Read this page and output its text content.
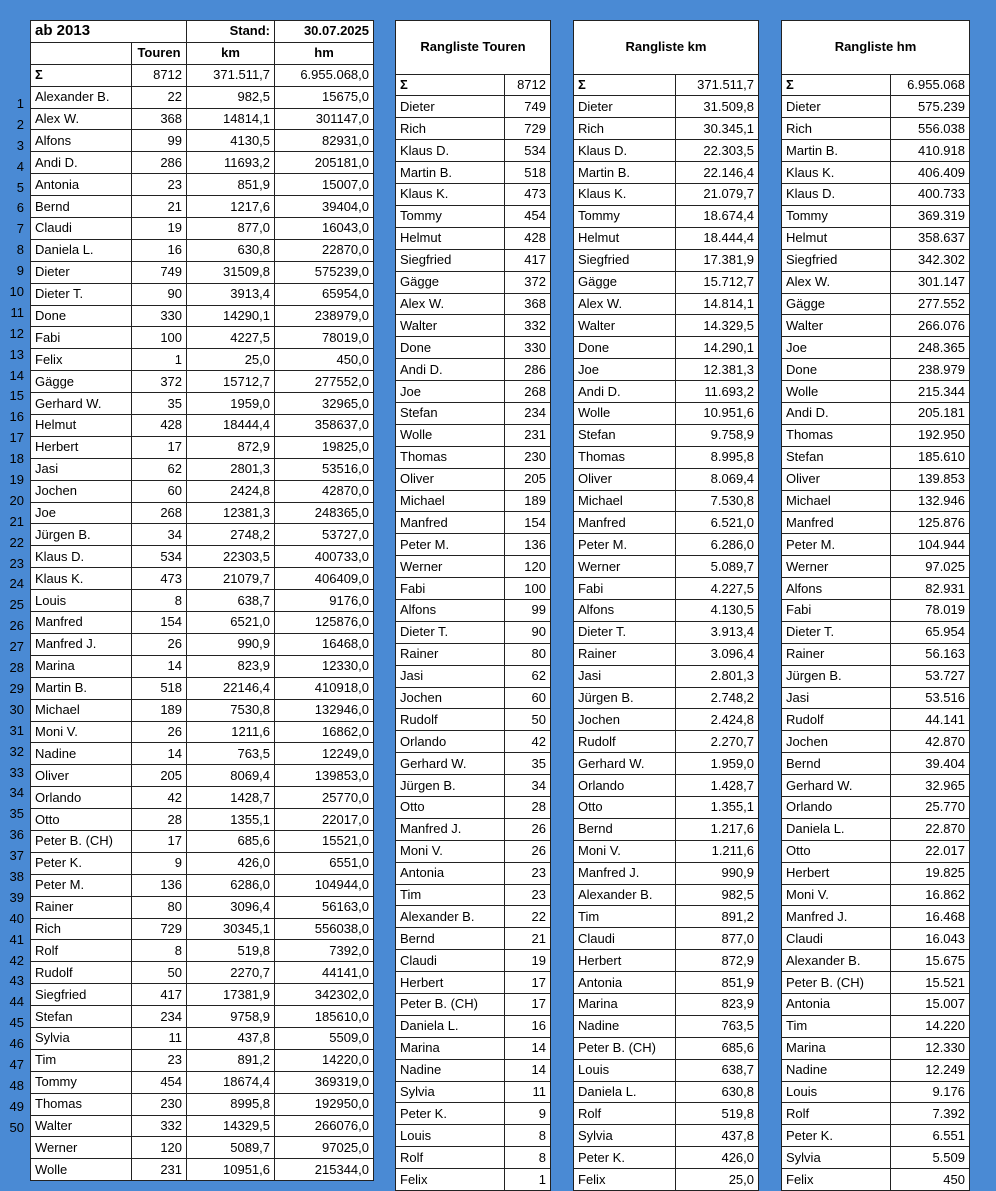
1
2
3
4
5
6
7
8
9
10
11
12
13
14
15
16
17
18
19
20
21
22
23
24
25
26
27
28
29
30
31
32
33
34
35
36
37
38
39
40
41
42
43
44
45
46
47
48
49
50
ab 2013		Stand:	30.07.2025
	Touren	km	hm
Σ	8712	371.511,7	6.955.068,0
Alexander B.	22	982,5	15675,0
Alex W.	368	14814,1	301147,0
Alfons	99	4130,5	82931,0
Andi D.	286	11693,2	205181,0
Antonia	23	851,9	15007,0
Bernd	21	1217,6	39404,0
Claudi	19	877,0	16043,0
Daniela L.	16	630,8	22870,0
Dieter	749	31509,8	575239,0
Dieter T.	90	3913,4	65954,0
Done	330	14290,1	238979,0
Fabi	100	4227,5	78019,0
Felix	1	25,0	450,0
Gägge	372	15712,7	277552,0
Gerhard W.	35	1959,0	32965,0
Helmut	428	18444,4	358637,0
Herbert	17	872,9	19825,0
Jasi	62	2801,3	53516,0
Jochen	60	2424,8	42870,0
Joe	268	12381,3	248365,0
Jürgen B.	34	2748,2	53727,0
Klaus D.	534	22303,5	400733,0
Klaus K.	473	21079,7	406409,0
Louis	8	638,7	9176,0
Manfred	154	6521,0	125876,0
Manfred J.	26	990,9	16468,0
Marina	14	823,9	12330,0
Martin B.	518	22146,4	410918,0
Michael	189	7530,8	132946,0
Moni V.	26	1211,6	16862,0
Nadine	14	763,5	12249,0
Oliver	205	8069,4	139853,0
Orlando	42	1428,7	25770,0
Otto	28	1355,1	22017,0
Peter B. (CH)	17	685,6	15521,0
Peter K.	9	426,0	6551,0
Peter M.	136	6286,0	104944,0
Rainer	80	3096,4	56163,0
Rich	729	30345,1	556038,0
Rolf	8	519,8	7392,0
Rudolf	50	2270,7	44141,0
Siegfried	417	17381,9	342302,0
Stefan	234	9758,9	185610,0
Sylvia	11	437,8	5509,0
Tim	23	891,2	14220,0
Tommy	454	18674,4	369319,0
Thomas	230	8995,8	192950,0
Walter	332	14329,5	266076,0
Werner	120	5089,7	97025,0
Wolle	231	10951,6	215344,0
Rangliste Touren	
Σ	8712
Dieter	749
Rich	729
Klaus D.	534
Martin B.	518
Klaus K.	473
Tommy	454
Helmut	428
Siegfried	417
Gägge	372
Alex W.	368
Walter	332
Done	330
Andi D.	286
Joe	268
Stefan	234
Wolle	231
Thomas	230
Oliver	205
Michael	189
Manfred	154
Peter M.	136
Werner	120
Fabi	100
Alfons	99
Dieter T.	90
Rainer	80
Jasi	62
Jochen	60
Rudolf	50
Orlando	42
Gerhard W.	35
Jürgen B.	34
Otto	28
Manfred J.	26
Moni V.	26
Antonia	23
Tim	23
Alexander B.	22
Bernd	21
Claudi	19
Herbert	17
Peter B. (CH)	17
Daniela L.	16
Marina	14
Nadine	14
Sylvia	11
Peter K.	9
Louis	8
Rolf	8
Felix	1
Rangliste km	
Σ	371.511,7
Dieter	31.509,8
Rich	30.345,1
Klaus D.	22.303,5
Martin B.	22.146,4
Klaus K.	21.079,7
Tommy	18.674,4
Helmut	18.444,4
Siegfried	17.381,9
Gägge	15.712,7
Alex W.	14.814,1
Walter	14.329,5
Done	14.290,1
Joe	12.381,3
Andi D.	11.693,2
Wolle	10.951,6
Stefan	9.758,9
Thomas	8.995,8
Oliver	8.069,4
Michael	7.530,8
Manfred	6.521,0
Peter M.	6.286,0
Werner	5.089,7
Fabi	4.227,5
Alfons	4.130,5
Dieter T.	3.913,4
Rainer	3.096,4
Jasi	2.801,3
Jürgen B.	2.748,2
Jochen	2.424,8
Rudolf	2.270,7
Gerhard W.	1.959,0
Orlando	1.428,7
Otto	1.355,1
Bernd	1.217,6
Moni V.	1.211,6
Manfred J.	990,9
Alexander B.	982,5
Tim	891,2
Claudi	877,0
Herbert	872,9
Antonia	851,9
Marina	823,9
Nadine	763,5
Peter B. (CH)	685,6
Louis	638,7
Daniela L.	630,8
Rolf	519,8
Sylvia	437,8
Peter K.	426,0
Felix	25,0
Rangliste hm	
Σ	6.955.068
Dieter	575.239
Rich	556.038
Martin B.	410.918
Klaus K.	406.409
Klaus D.	400.733
Tommy	369.319
Helmut	358.637
Siegfried	342.302
Alex W.	301.147
Gägge	277.552
Walter	266.076
Joe	248.365
Done	238.979
Wolle	215.344
Andi D.	205.181
Thomas	192.950
Stefan	185.610
Oliver	139.853
Michael	132.946
Manfred	125.876
Peter M.	104.944
Werner	97.025
Alfons	82.931
Fabi	78.019
Dieter T.	65.954
Rainer	56.163
Jürgen B.	53.727
Jasi	53.516
Rudolf	44.141
Jochen	42.870
Bernd	39.404
Gerhard W.	32.965
Orlando	25.770
Daniela L.	22.870
Otto	22.017
Herbert	19.825
Moni V.	16.862
Manfred J.	16.468
Claudi	16.043
Alexander B.	15.675
Peter B. (CH)	15.521
Antonia	15.007
Tim	14.220
Marina	12.330
Nadine	12.249
Louis	9.176
Rolf	7.392
Peter K.	6.551
Sylvia	5.509
Felix	450
